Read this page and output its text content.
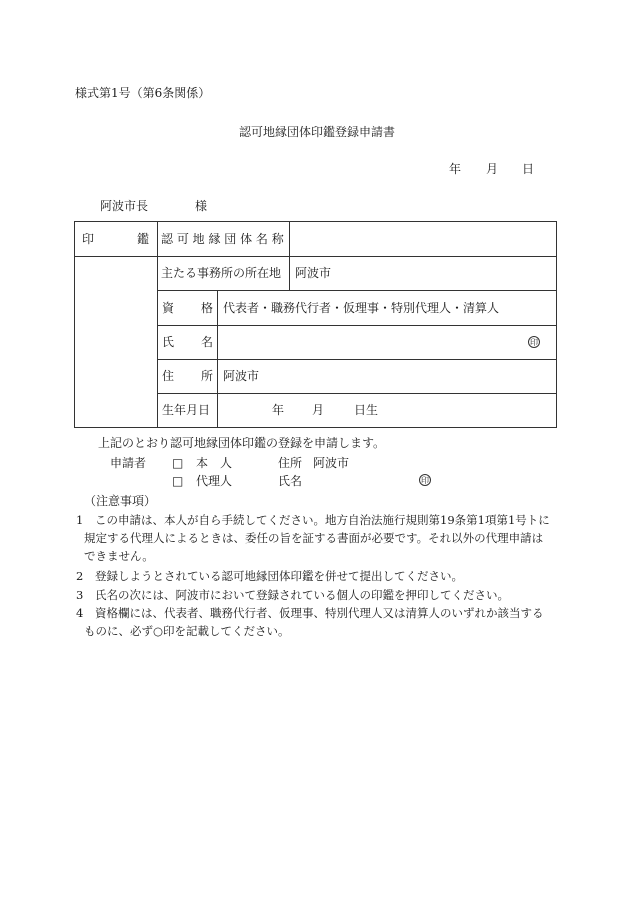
様式第1号（第6条関係）
認可地縁団体印鑑登録申請書
年 月 日
阿波市長	様
印	鑑 認 可 地 縁 団 体 名 称
主たる事務所の所在地 阿波市
資 格 代表者・職務代行者・仮理事・特別代理人・清算人
氏 名	印
住 所 阿波市
生年月日	年 月 日生
上記のとおり認可地縁団体印鑑の登録を申請します。
申請者 □ 本　人	住所 阿波市
□ 代理人	氏名	印
（注意事項）
1 この申請は、本人が自ら手続してください。地方自治法施行規則第19条第1項第1号トに
規定する代理人によるときは、委任の旨を証する書面が必要です。それ以外の代理申請は
できません。
2 登録しようとされている認可地縁団体印鑑を併せて提出してください。
3 氏名の次には、阿波市において登録されている個人の印鑑を押印してください。
4 資格欄には、代表者、職務代行者、仮理事、特別代理人又は清算人のいずれか該当する
ものに、必ず○印を記載してください。
